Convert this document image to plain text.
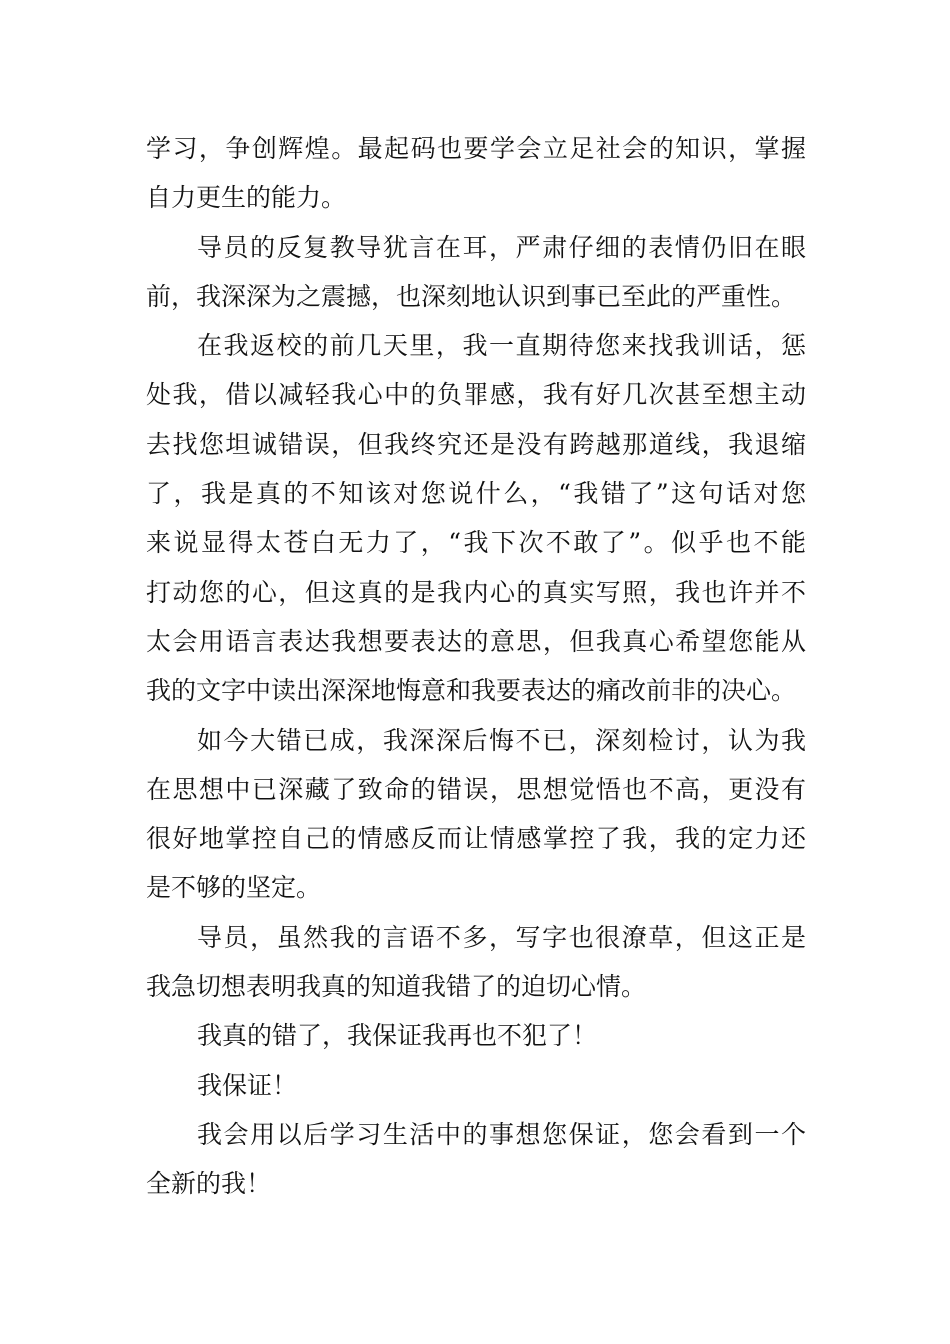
学习，争创辉煌。最起码也要学会立足社会的知识，掌握
自力更生的能力。
导员的反复教导犹言在耳，严肃仔细的表情仍旧在眼
前，我深深为之震撼，也深刻地认识到事已至此的严重性。
在我返校的前几天里，我一直期待您来找我训话，惩
处我，借以减轻我心中的负罪感，我有好几次甚至想主动
去找您坦诚错误，但我终究还是没有跨越那道线，我退缩
了，我是真的不知该对您说什么，“我错了”这句话对您
来说显得太苍白无力了，“我下次不敢了”。似乎也不能
打动您的心，但这真的是我内心的真实写照，我也许并不
太会用语言表达我想要表达的意思，但我真心希望您能从
我的文字中读出深深地悔意和我要表达的痛改前非的决心。
如今大错已成，我深深后悔不已，深刻检讨，认为我
在思想中已深藏了致命的错误，思想觉悟也不高，更没有
很好地掌控自己的情感反而让情感掌控了我，我的定力还
是不够的坚定。
导员，虽然我的言语不多，写字也很潦草，但这正是
我急切想表明我真的知道我错了的迫切心情。
我真的错了，我保证我再也不犯了！
我保证！
我会用以后学习生活中的事想您保证，您会看到一个
全新的我！
